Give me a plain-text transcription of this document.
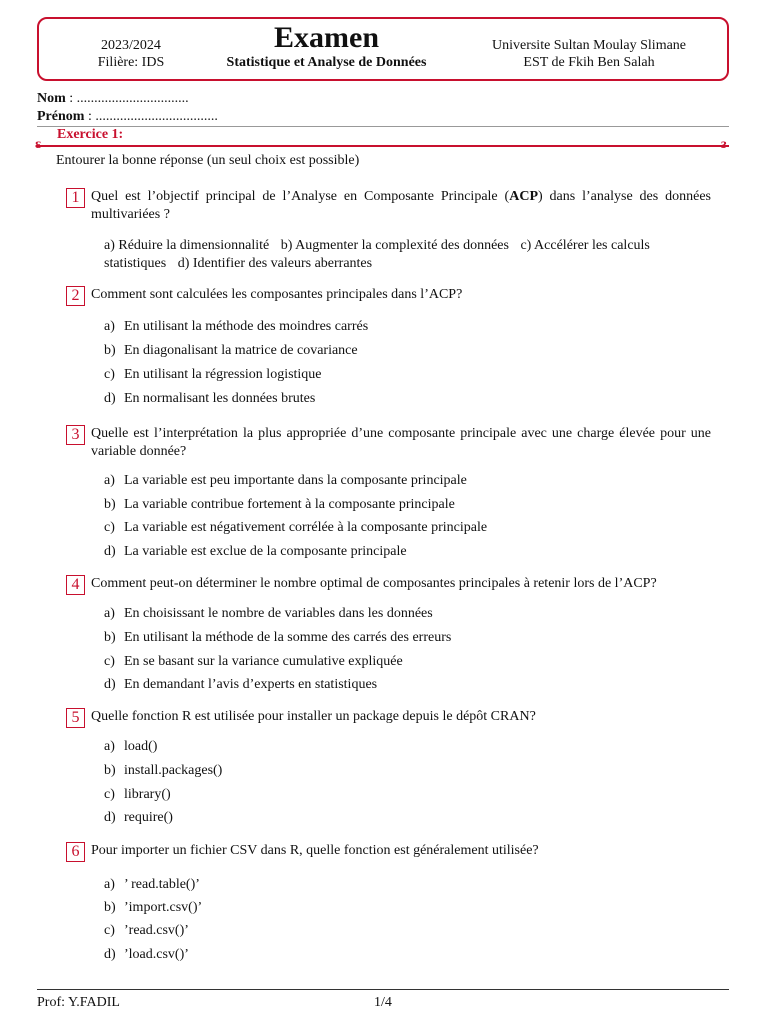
2023/2024
Filière: IDS
Examen
Statistique et Analyse de Données
Universite Sultan Moulay Slimane
EST de Fkih Ben Salah
Nom : ................................
Prénom : ...................................
Exercice 1:
ε	з
Entourer la bonne réponse (un seul choix est possible)
1 Quel est l’objectif principal de l’Analyse en Composante Principale (ACP) dans l’analyse des données multivariées ?
a) Réduire la dimensionnalité b) Augmenter la complexité des données c) Accélérer les calculs statistiques d) Identifier des valeurs aberrantes
2 Comment sont calculées les composantes principales dans l’ACP?
a) En utilisant la méthode des moindres carrés
b) En diagonalisant la matrice de covariance
c) En utilisant la régression logistique
d) En normalisant les données brutes
3 Quelle est l’interprétation la plus appropriée d’une composante principale avec une charge élevée pour une variable donnée?
a) La variable est peu importante dans la composante principale
b) La variable contribue fortement à la composante principale
c) La variable est négativement corrélée à la composante principale
d) La variable est exclue de la composante principale
4 Comment peut-on déterminer le nombre optimal de composantes principales à retenir lors de l’ACP?
a) En choisissant le nombre de variables dans les données
b) En utilisant la méthode de la somme des carrés des erreurs
c) En se basant sur la variance cumulative expliquée
d) En demandant l’avis d’experts en statistiques
5 Quelle fonction R est utilisée pour installer un package depuis le dépôt CRAN?
a) load()
b) install.packages()
c) library()
d) require()
6 Pour importer un fichier CSV dans R, quelle fonction est généralement utilisée?
a) ’ read.table()’
b) ’import.csv()’
c) ’read.csv()’
d) ’load.csv()’
Prof: Y.FADIL	1/4
